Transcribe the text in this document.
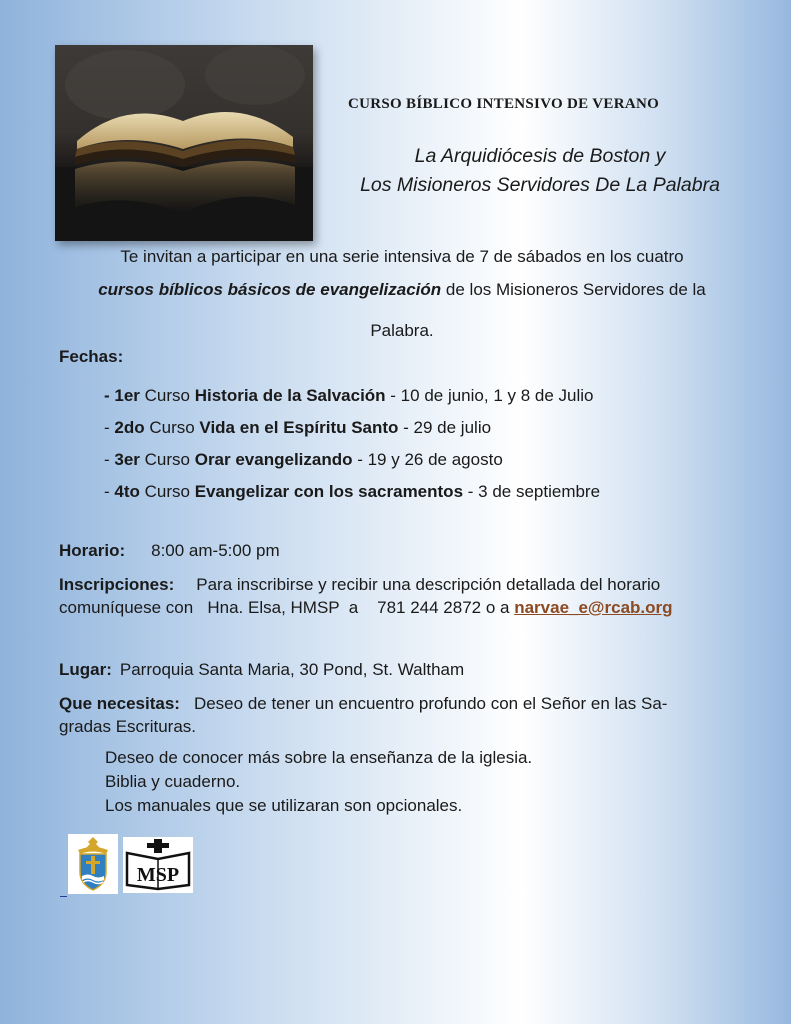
CURSO BÍBLICO INTENSIVO DE VERANO
La Arquidiócesis de Boston y
Los Misioneros Servidores De La Palabra
Te invitan a participar en una serie intensiva de 7 de sábados en los cuatro
cursos bíblicos básicos de evangelización de los Misioneros Servidores de la
Palabra.
Fechas:
- 1er Curso Historia de la Salvación - 10 de junio, 1 y 8 de Julio
- 2do Curso Vida en el Espíritu Santo - 29 de julio
- 3er Curso Orar evangelizando - 19 y 26 de agosto
- 4to Curso Evangelizar con los sacramentos - 3 de septiembre
Horario: 8:00 am-5:00 pm
Inscripciones: Para inscribirse y recibir una descripción detallada del horario
comuníquese con   Hna. Elsa, HMSP  a    781 244 2872 o a narvae_e@rcab.org
Lugar: Parroquia Santa Maria, 30 Pond, St. Waltham
Que necesitas: Deseo de tener un encuentro profundo con el Señor en las Sa-
gradas Escrituras.
Deseo de conocer más sobre la enseñanza de la iglesia.
Biblia y cuaderno.
Los manuales que se utilizaran son opcionales.
MSP
